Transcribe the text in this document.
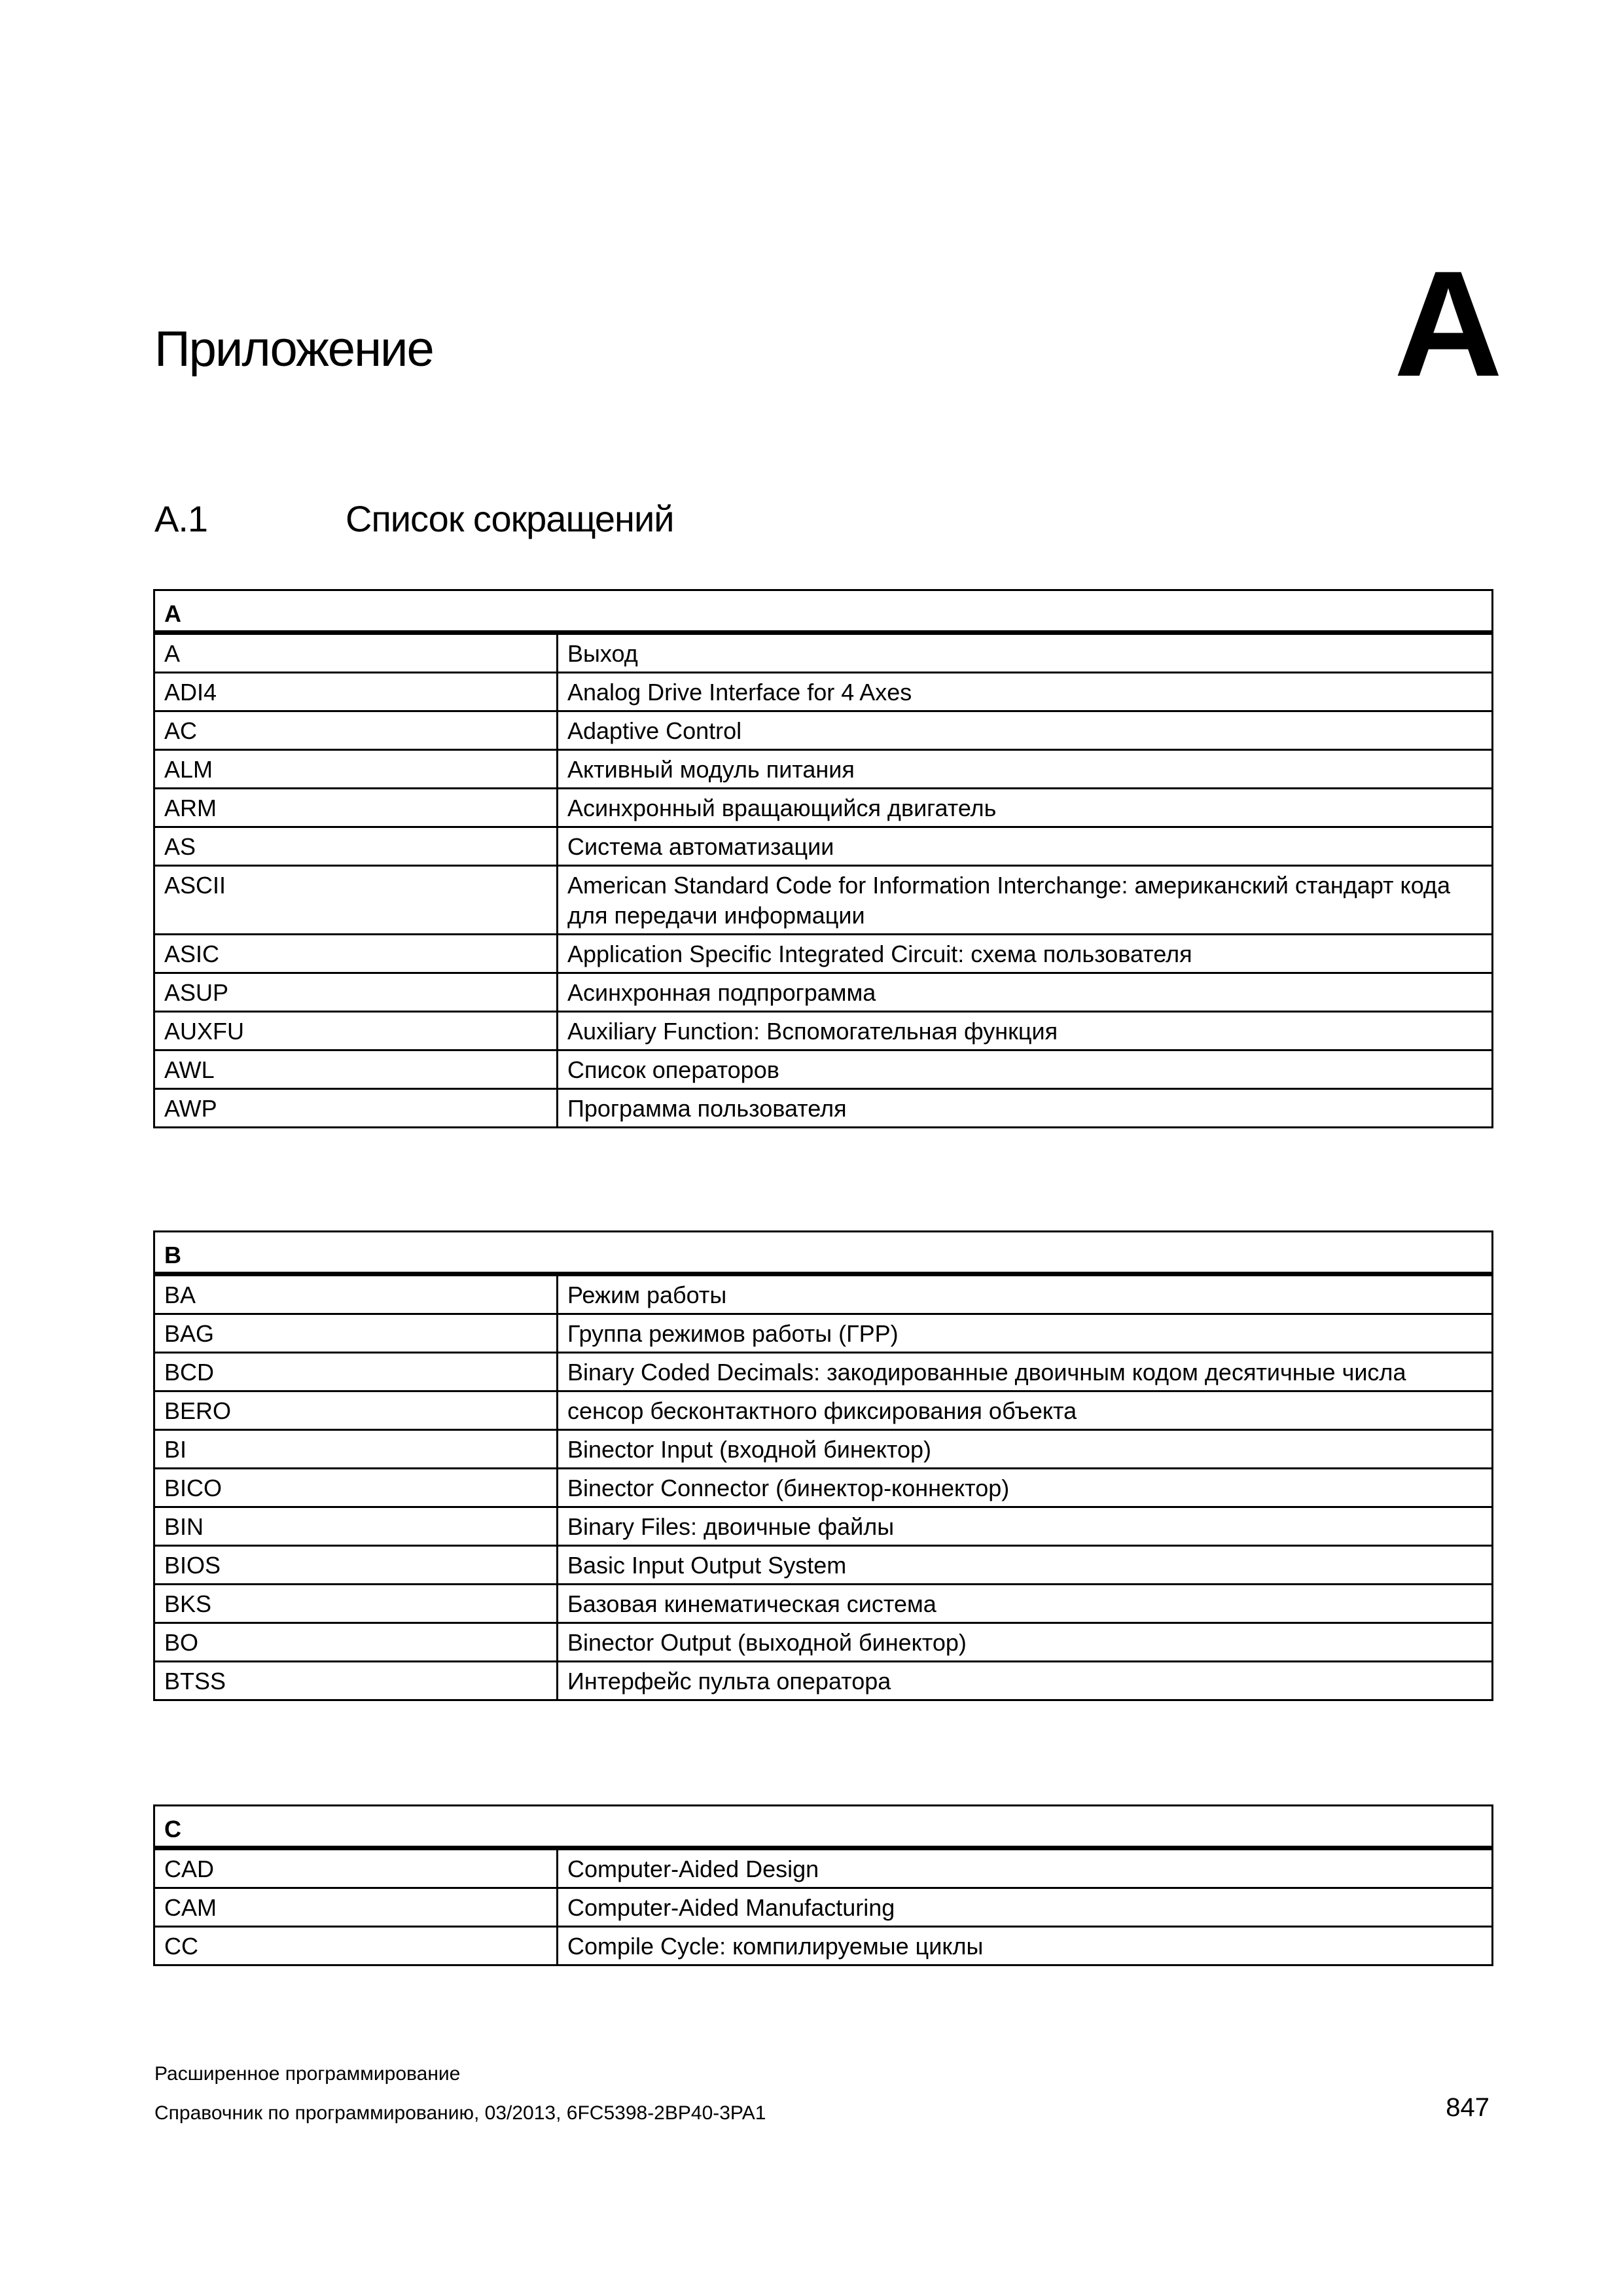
Приложение	A
A.1	Список сокращений
A	
A	Выход
ADI4	Analog Drive Interface for 4 Axes
AC	Adaptive Control
ALM	Активный модуль питания
ARM	Асинхронный вращающийся двигатель
AS	Система автоматизации
ASCII	American Standard Code for Information Interchange: американский стандарт кода для передачи информации
ASIC	Application Specific Integrated Circuit: схема пользователя
ASUP	Асинхронная подпрограмма
AUXFU	Auxiliary Function: Вспомогательная функция
AWL	Список операторов
AWP	Программа пользователя
B	
BA	Режим работы
BAG	Группа режимов работы (ГРР)
BCD	Binary Coded Decimals: закодированные двоичным кодом десятичные числа
BERO	сенсор бесконтактного фиксирования объекта
BI	Binector Input (входной бинектор)
BICO	Binector Connector (бинектор-коннектор)
BIN	Binary Files: двоичные файлы
BIOS	Basic Input Output System
BKS	Базовая кинематическая система
BO	Binector Output (выходной бинектор)
BTSS	Интерфейс пульта оператора
C	
CAD	Computer-Aided Design
CAM	Computer-Aided Manufacturing
CC	Compile Cycle: компилируемые циклы
Расширенное программирование
Справочник по программированию, 03/2013, 6FC5398-2BP40-3PA1	847
